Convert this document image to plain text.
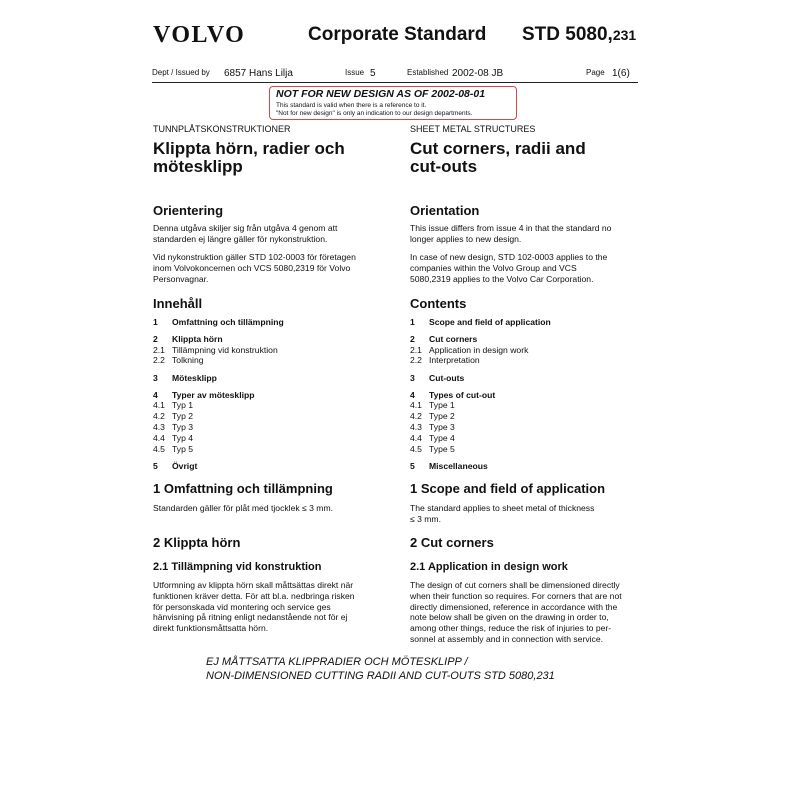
VOLVO	Corporate Standard STD 5080,231
Dept / Issued by 6857 Hans Lilja	Issue 5	Established 2002-08 JB	Page 1(6)
NOT FOR NEW DESIGN AS OF 2002-08-01
This standard is valid when there is a reference to it.
"Not for new design" is only an indication to our design departments.
TUNNPLÅTSKONSTRUKTIONER
Klippta hörn, radier och
mötesklipp
Orientering
Denna utgåva skiljer sig från utgåva 4 genom att
standarden ej längre gäller för nykonstruktion.
Vid nykonstruktion gäller STD 102-0003 för företagen
inom Volvokoncernen och VCS 5080,2319 för Volvo
Personvagnar.
Innehåll
1 Omfattning och tillämpning
2 Klippta hörn
2.1 Tillämpning vid konstruktion
2.2 Tolkning
3 Mötesklipp
4 Typer av mötesklipp
4.1 Typ 1
4.2 Typ 2
4.3 Typ 3
4.4 Typ 4
4.5 Typ 5
5 Övrigt
1 Omfattning och tillämpning
Standarden gäller för plåt med tjocklek ≤ 3 mm.
2 Klippta hörn
2.1 Tillämpning vid konstruktion
Utformning av klippta hörn skall måttsättas direkt när
funktionen kräver detta. För att bl.a. nedbringa risken
för personskada vid montering och service ges
hänvisning på ritning enligt nedanstående not för ej
direkt funktionsmåttsatta hörn.
SHEET METAL STRUCTURES
Cut corners, radii and
cut-outs
Orientation
This issue differs from issue 4 in that the standard no
longer applies to new design.
In case of new design, STD 102-0003 applies to the
companies within the Volvo Group and VCS
5080,2319 applies to the Volvo Car Corporation.
Contents
1 Scope and field of application
2 Cut corners
2.1 Application in design work
2.2 Interpretation
3 Cut-outs
4 Types of cut-out
4.1 Type 1
4.2 Type 2
4.3 Type 3
4.4 Type 4
4.5 Type 5
5 Miscellaneous
1 Scope and field of application
The standard applies to sheet metal of thickness
≤ 3 mm.
2 Cut corners
2.1 Application in design work
The design of cut corners shall be dimensioned directly
when their function so requires. For corners that are not
directly dimensioned, reference in accordance with the
note below shall be given on the drawing in order to,
among other things, reduce the risk of injuries to per-
sonnel at assembly and in connection with service.
EJ MÅTTSATTA KLIPPRADIER OCH MÖTESKLIPP /
NON-DIMENSIONED CUTTING RADII AND CUT-OUTS STD 5080,231
